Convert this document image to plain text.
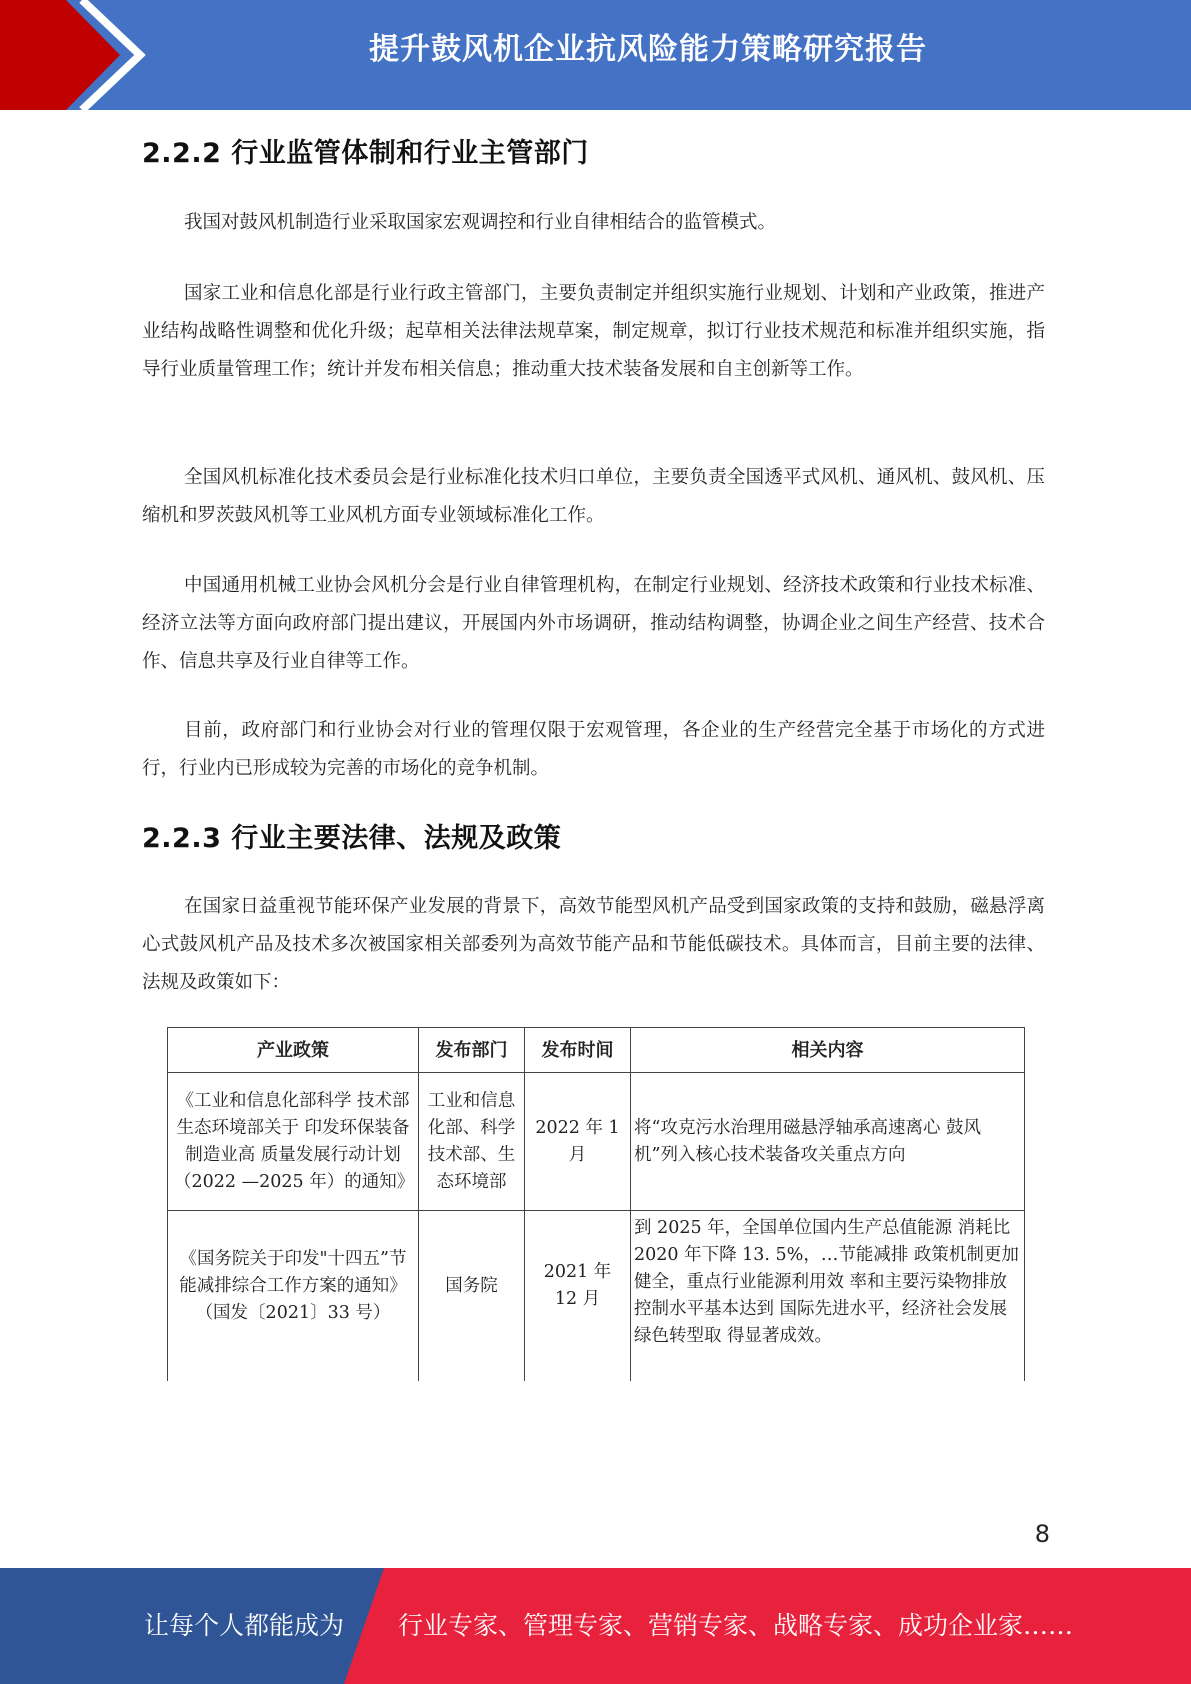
提升鼓风机企业抗风险能力策略研究报告
2.2.2 行业监管体制和行业主管部门

我国对鼓风机制造行业采取国家宏观调控和行业自律相结合的监管模式。

国家工业和信息化部是行业行政主管部门，主要负责制定并组织实施行业规划、计划和产业政策，推进产业结构战略性调整和优化升级；起草相关法律法规草案，制定规章，拟订行业技术规范和标准并组织实施，指导行业质量管理工作；统计并发布相关信息；推动重大技术装备发展和自主创新等工作。

全国风机标准化技术委员会是行业标准化技术归口单位，主要负责全国透平式风机、通风机、鼓风机、压缩机和罗茨鼓风机等工业风机方面专业领域标准化工作。

中国通用机械工业协会风机分会是行业自律管理机构，在制定行业规划、经济技术政策和行业技术标准、经济立法等方面向政府部门提出建议，开展国内外市场调研，推动结构调整，协调企业之间生产经营、技术合作、信息共享及行业自律等工作。

目前，政府部门和行业协会对行业的管理仅限于宏观管理，各企业的生产经营完全基于市场化的方式进行，行业内已形成较为完善的市场化的竞争机制。

2.2.3 行业主要法律、法规及政策

在国家日益重视节能环保产业发展的背景下，高效节能型风机产品受到国家政策的支持和鼓励，磁悬浮离心式鼓风机产品及技术多次被国家相关部委列为高效节能产品和节能低碳技术。具体而言，目前主要的法律、法规及政策如下：

产业政策	发布部门	发布时间	相关内容
《工业和信息化部科学 技术部生态环境部关于 印发环保装备制造业高 质量发展行动计划（2022 —2025 年）的通知》	工业和信息化部、科学技术部、生态环境部	2022 年 1 月	将“攻克污水治理用磁悬浮轴承高速离心 鼓风机”列入核心技术装备攻关重点方向
《国务院关于印发"十四五”节能减排综合工作方案的通知》（国发〔2021〕33 号）	国务院	2021 年 12 月	到 2025 年，全国单位国内生产总值能源 消耗比 2020 年下降 13. 5%，…节能减排 政策机制更加健全，重点行业能源利用效 率和主要污染物排放控制水平基本达到 国际先进水平，经济社会发展绿色转型取 得显著成效。
8
让每个人都能成为 行业专家、管理专家、营销专家、战略专家、成功企业家……
